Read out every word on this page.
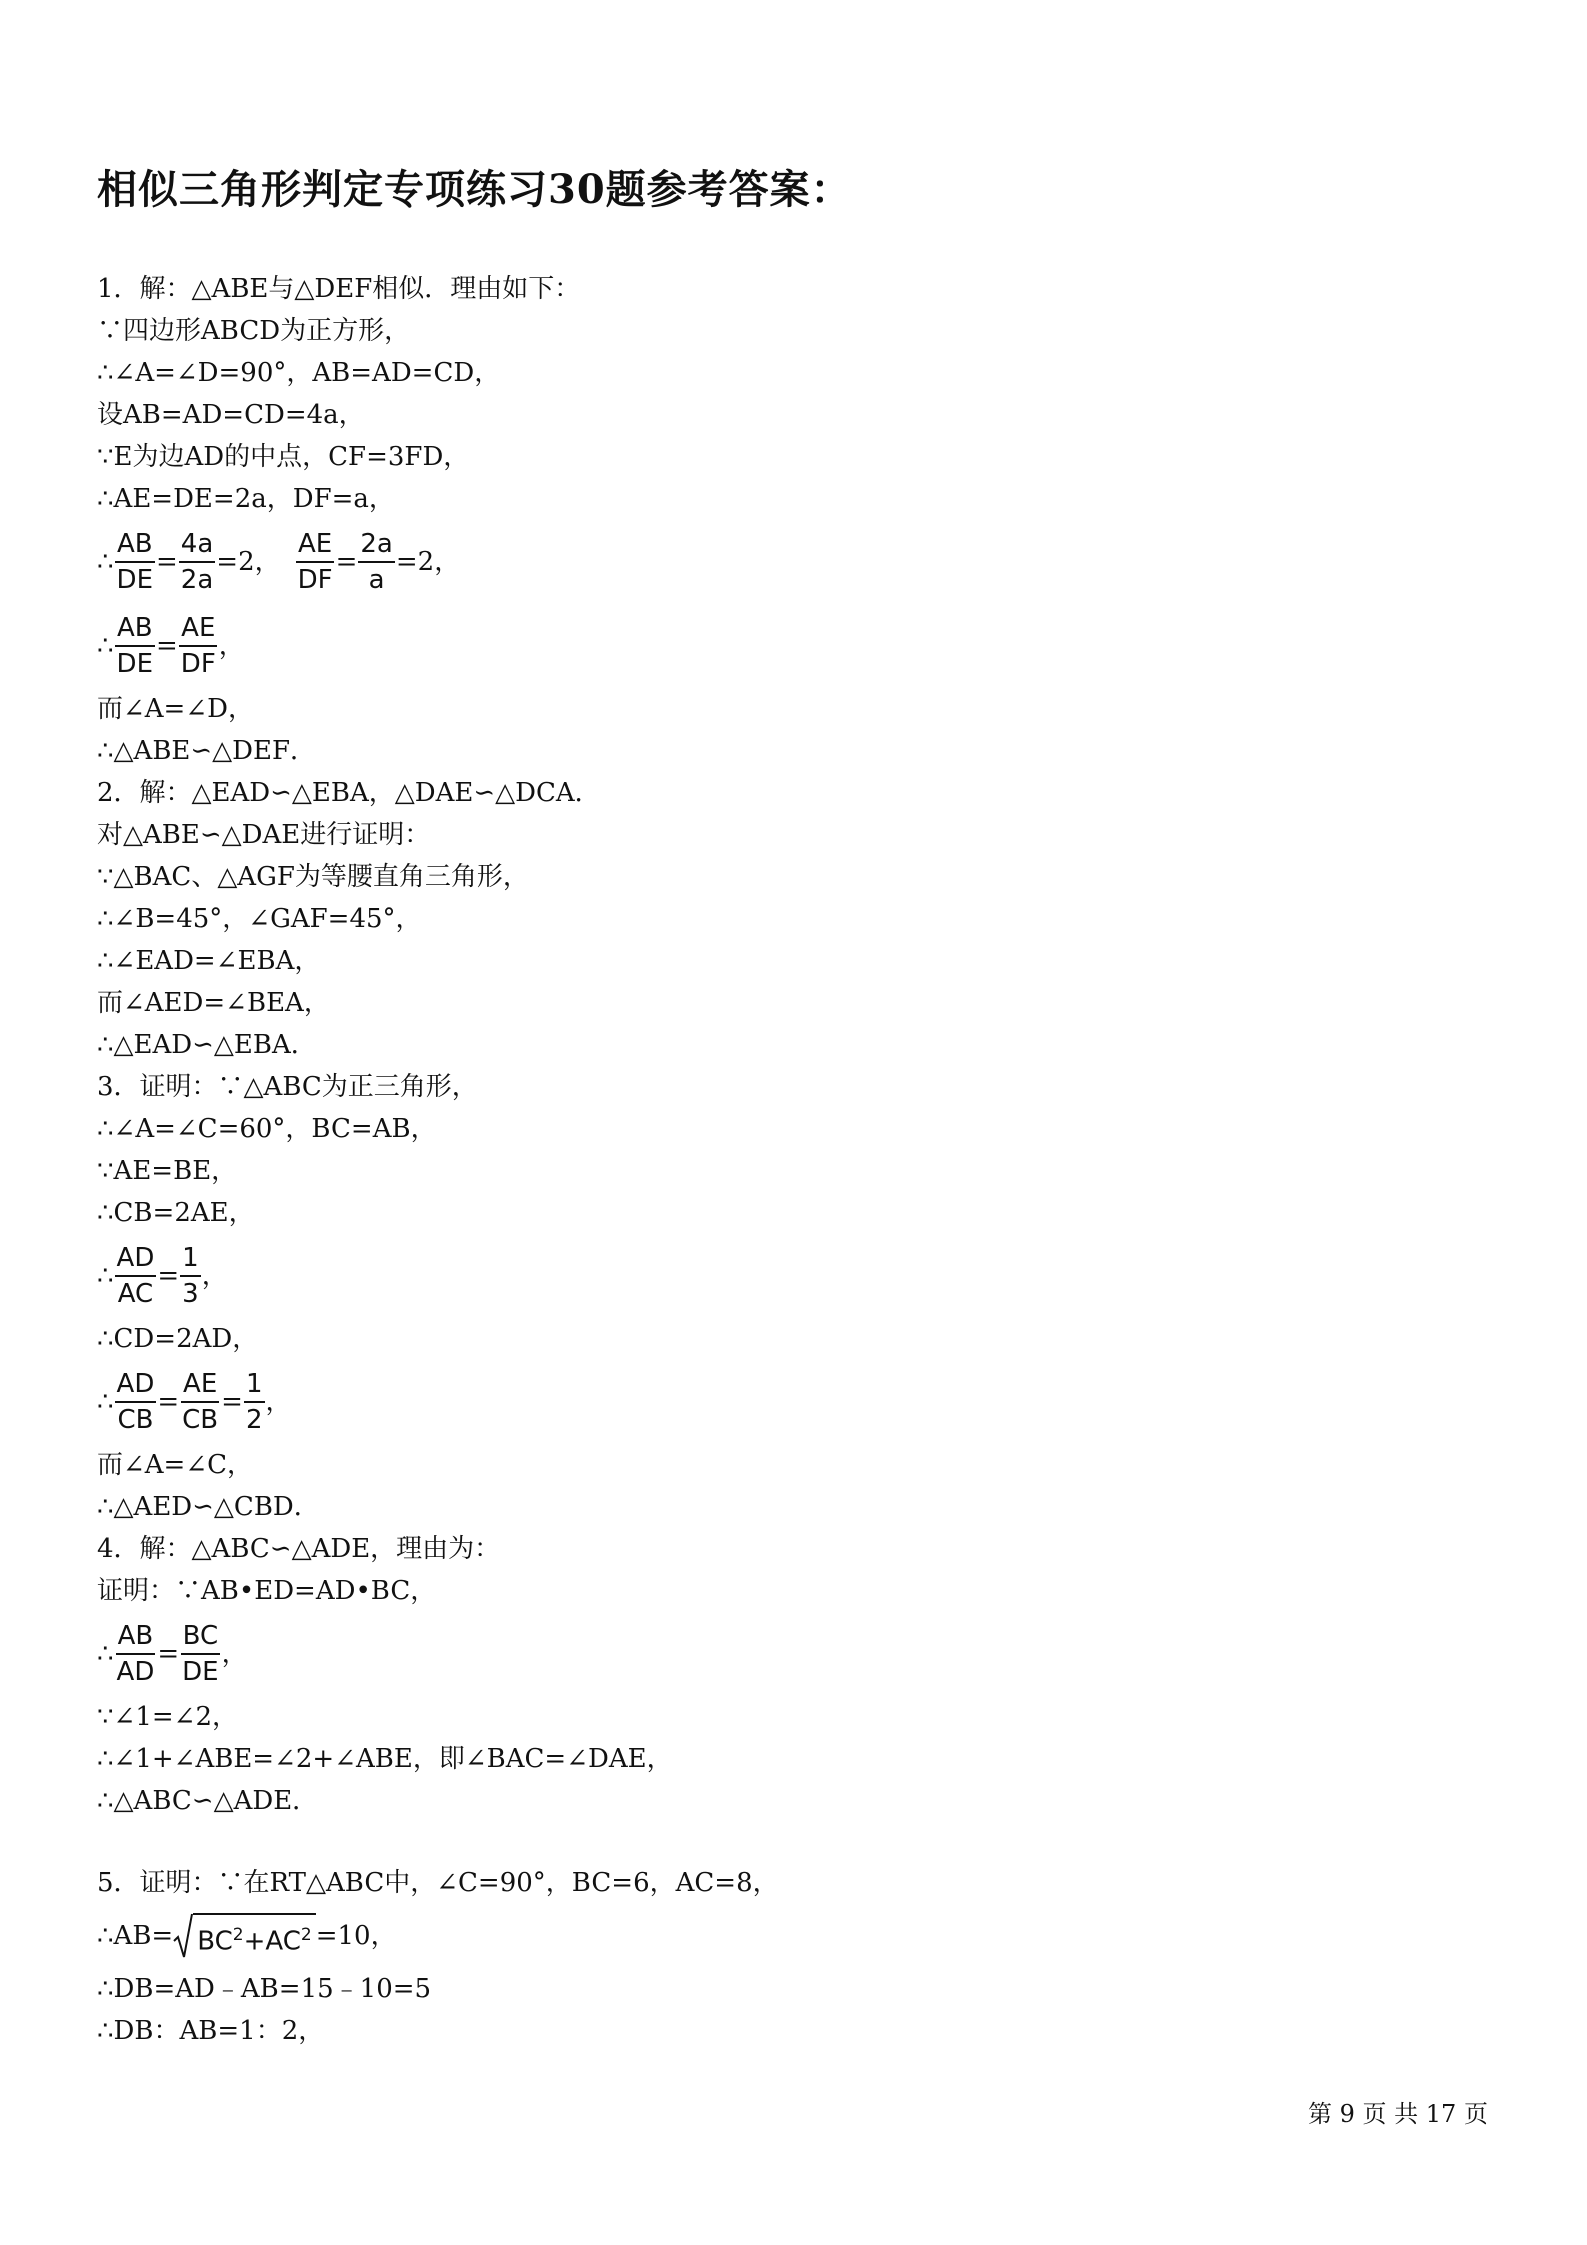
相似三角形判定专项练习30题参考答案：
1．解：△ABE与△DEF相似．理由如下：
∵四边形ABCD为正方形，
∴∠A=∠D=90°，AB=AD=CD，
设AB=AD=CD=4a，
∵E为边AD的中点，CF=3FD，
∴AE=DE=2a，DF=a，
∴ $\frac{AB}{DE} = \frac{4a}{2a} =2$， $\frac{AE}{DF} = \frac{2a}{a} =2$，
∴ $\frac{AB}{DE} = \frac{AE}{DF}$ ，
而∠A=∠D，
∴△ABE∽△DEF．
2．解：△EAD∽△EBA，△DAE∽△DCA．
对△ABE∽△DAE进行证明：
∵△BAC、△AGF为等腰直角三角形，
∴∠B=45°，∠GAF=45°，
∴∠EAD=∠EBA，
而∠AED=∠BEA，
∴△EAD∽△EBA．
3．证明：∵△ABC为正三角形，
∴∠A=∠C=60°，BC=AB，
∵AE=BE，
∴CB=2AE，
∴ $\frac{AD}{AC} = \frac{1}{3}$ ，
∴CD=2AD，
∴ $\frac{AD}{CB} = \frac{AE}{CB} = \frac{1}{2}$ ，
而∠A=∠C，
∴△AED∽△CBD．
4．解：△ABC∽△ADE，理由为：
证明：∵AB•ED=AD•BC，
∴ $\frac{AB}{AD} = \frac{BC}{DE}$ ，
∵∠1=∠2，
∴∠1+∠ABE=∠2+∠ABE，即∠BAC=∠DAE，
∴△ABC∽△ADE．
5．证明：∵在RT△ABC中，∠C=90°，BC=6，AC=8，
∴AB= $BC^2+AC^2 =10$，
∴DB=AD﹣AB=15﹣10=5
∴DB：AB=1：2，
第 9 页 共 17 页
